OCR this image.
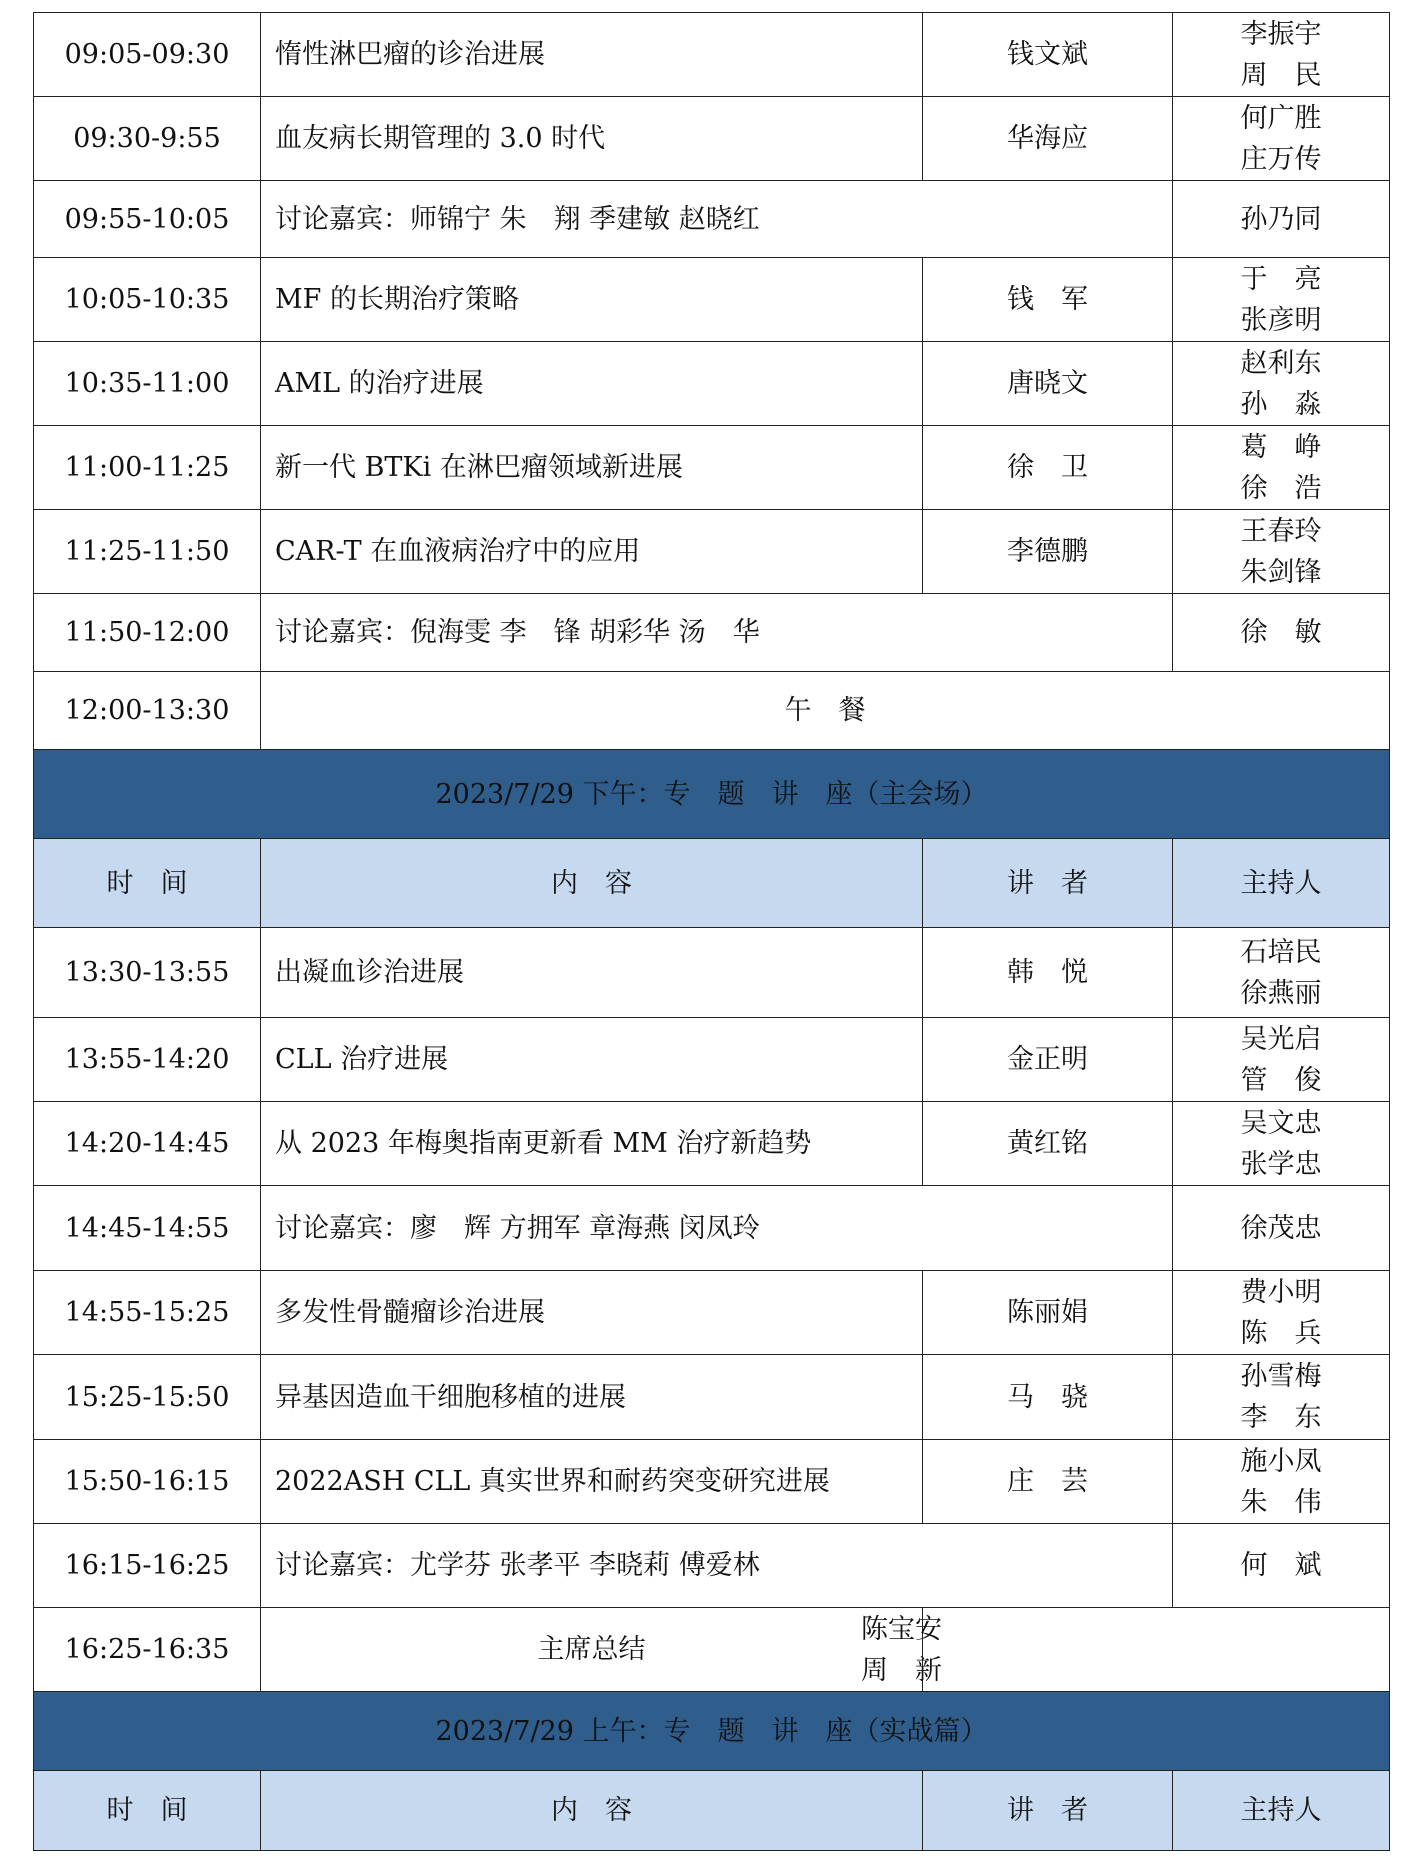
09:05-09:30	惰性淋巴瘤的诊治进展	钱文斌	李振宇
周　民

09:30-9:55	血友病长期管理的 3.0 时代	华海应	何广胜
庄万传

09:55-10:05	讨论嘉宾：师锦宁 朱　翔 季建敏 赵晓红		孙乃同
10:05-10:35	MF 的长期治疗策略	钱　军	于　亮
张彦明

10:35-11:00	AML 的治疗进展	唐晓文	赵利东
孙　淼

11:00-11:25	新一代 BTKi 在淋巴瘤领域新进展	徐　卫	葛　峥
徐　浩

11:25-11:50	CAR-T 在血液病治疗中的应用	李德鹏	王春玲
朱剑锋

11:50-12:00	讨论嘉宾：倪海雯 李　锋 胡彩华 汤　华		徐　敏
12:00-13:30	午　餐		
2023/7/29 下午：专　题　讲　座（主会场）			
时　间	内　容	讲　者	主持人
13:30-13:55	出凝血诊治进展	韩　悦	石培民
徐燕丽

13:55-14:20	CLL 治疗进展	金正明	吴光启
管　俊

14:20-14:45	从 2023 年梅奥指南更新看 MM 治疗新趋势	黄红铭	吴文忠
张学忠

14:45-14:55	讨论嘉宾：廖　辉 方拥军 章海燕 闵凤玲		徐茂忠
14:55-15:25	多发性骨髓瘤诊治进展	陈丽娟	费小明
陈　兵

15:25-15:50	异基因造血干细胞移植的进展	马　骁	孙雪梅
李　东

15:50-16:15	2022ASH CLL 真实世界和耐药突变研究进展	庄　芸	施小凤
朱　伟

16:15-16:25	讨论嘉宾：尤学芬 张孝平 李晓莉 傅爱林		何　斌
16:25-16:35	主席总结	陈宝安
周　新	

2023/7/29 上午：专　题　讲　座（实战篇）			
时　间	内　容	讲　者	主持人
